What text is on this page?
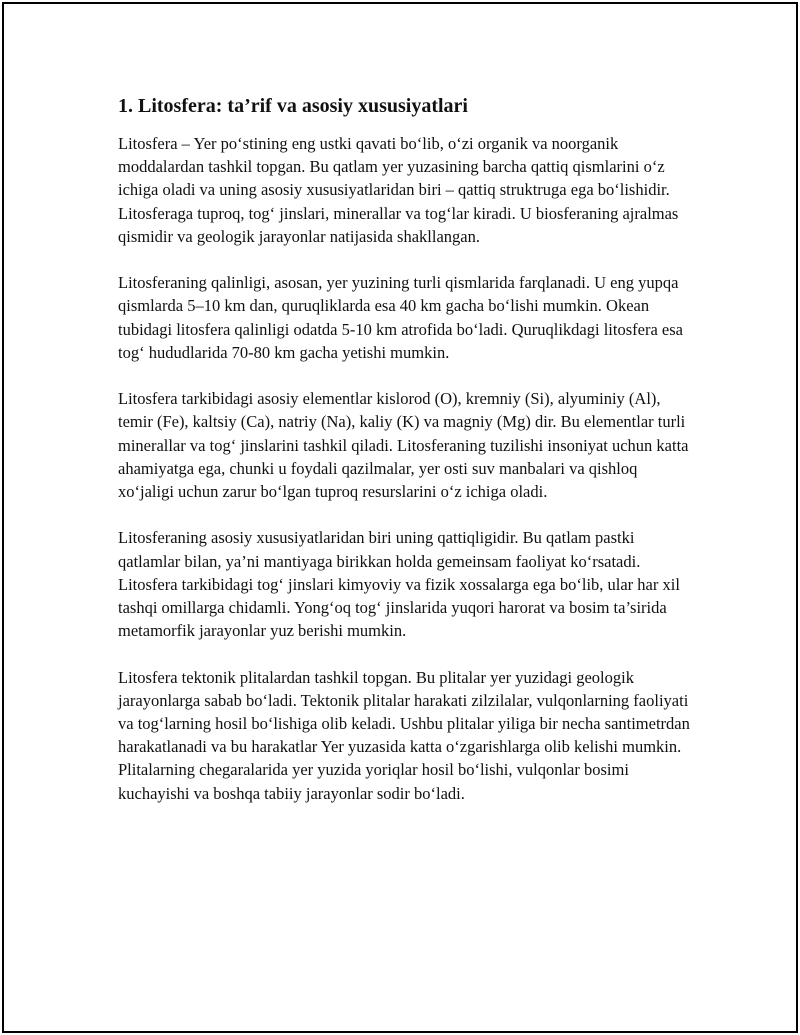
1. Litosfera: ta’rif va asosiy xususiyatlari

Litosfera – Yer po‘stining eng ustki qavati bo‘lib, o‘zi organik va noorganik moddalardan tashkil topgan. Bu qatlam yer yuzasining barcha qattiq qismlarini o‘z ichiga oladi va uning asosiy xususiyatlaridan biri – qattiq struktruga ega bo‘lishidir. Litosferaga tuproq, tog‘ jinslari, minerallar va tog‘lar kiradi. U biosferaning ajralmas qismidir va geologik jarayonlar natijasida shakllangan.

Litosferaning qalinligi, asosan, yer yuzining turli qismlarida farqlanadi. U eng yupqa qismlarda 5–10 km dan, quruqliklarda esa 40 km gacha bo‘lishi mumkin. Okean tubidagi litosfera qalinligi odatda 5-10 km atrofida bo‘ladi. Quruqlikdagi litosfera esa tog‘ hududlarida 70-80 km gacha yetishi mumkin.

Litosfera tarkibidagi asosiy elementlar kislorod (O), kremniy (Si), alyuminiy (Al), temir (Fe), kaltsiy (Ca), natriy (Na), kaliy (K) va magniy (Mg) dir. Bu elementlar turli minerallar va tog‘ jinslarini tashkil qiladi. Litosferaning tuzilishi insoniyat uchun katta ahamiyatga ega, chunki u foydali qazilmalar, yer osti suv manbalari va qishloq xo‘jaligi uchun zarur bo‘lgan tuproq resurslarini o‘z ichiga oladi.

Litosferaning asosiy xususiyatlaridan biri uning qattiqligidir. Bu qatlam pastki qatlamlar bilan, ya’ni mantiyaga birikkan holda gemeinsam faoliyat ko‘rsatadi. Litosfera tarkibidagi tog‘ jinslari kimyoviy va fizik xossalarga ega bo‘lib, ular har xil tashqi omillarga chidamli. Yong‘oq tog‘ jinslarida yuqori harorat va bosim ta’sirida metamorfik jarayonlar yuz berishi mumkin.

Litosfera tektonik plitalardan tashkil topgan. Bu plitalar yer yuzidagi geologik jarayonlarga sabab bo‘ladi. Tektonik plitalar harakati zilzilalar, vulqonlarning faoliyati va tog‘larning hosil bo‘lishiga olib keladi. Ushbu plitalar yiliga bir necha santimetrdan harakatlanadi va bu harakatlar Yer yuzasida katta o‘zgarishlarga olib kelishi mumkin. Plitalarning chegaralarida yer yuzida yoriqlar hosil bo‘lishi, vulqonlar bosimi kuchayishi va boshqa tabiiy jarayonlar sodir bo‘ladi.
